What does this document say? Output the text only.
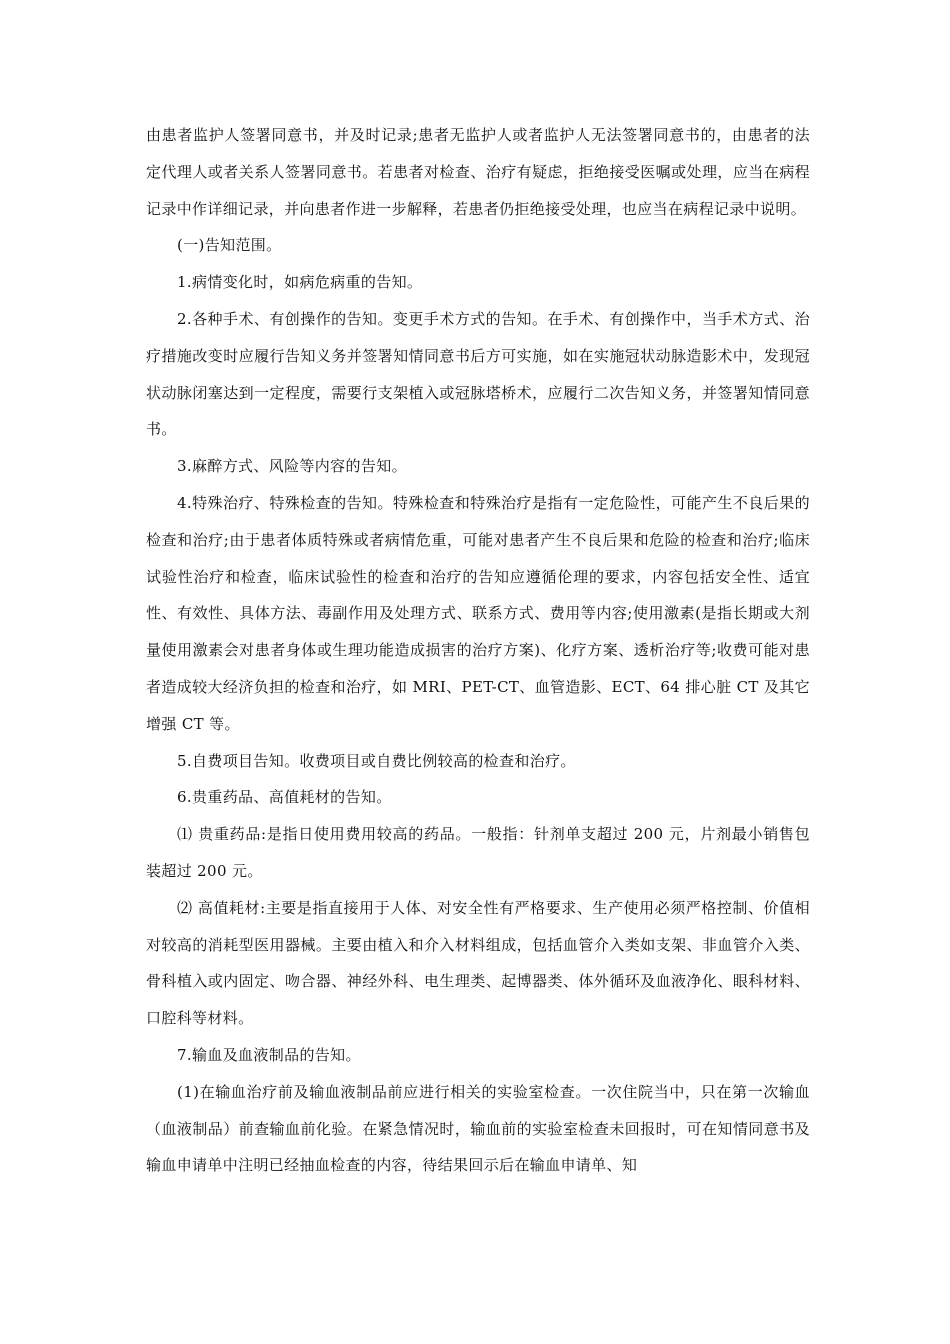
由患者监护人签署同意书，并及时记录;患者无监护人或者监护人无法签署同意书的，由患者的法定代理人或者关系人签署同意书。若患者对检查、治疗有疑虑，拒绝接受医嘱或处理，应当在病程记录中作详细记录，并向患者作进一步解释，若患者仍拒绝接受处理，也应当在病程记录中说明。

(一)告知范围。

1.病情变化时，如病危病重的告知。

2.各种手术、有创操作的告知。变更手术方式的告知。在手术、有创操作中，当手术方式、治疗措施改变时应履行告知义务并签署知情同意书后方可实施，如在实施冠状动脉造影术中，发现冠状动脉闭塞达到一定程度，需要行支架植入或冠脉塔桥术，应履行二次告知义务，并签署知情同意书。

3.麻醉方式、风险等内容的告知。

4.特殊治疗、特殊检查的告知。特殊检查和特殊治疗是指有一定危险性，可能产生不良后果的检查和治疗;由于患者体质特殊或者病情危重，可能对患者产生不良后果和危险的检查和治疗;临床试验性治疗和检查，临床试验性的检查和治疗的告知应遵循伦理的要求，内容包括安全性、适宜性、有效性、具体方法、毒副作用及处理方式、联系方式、费用等内容;使用激素(是指长期或大剂量使用激素会对患者身体或生理功能造成损害的治疗方案)、化疗方案、透析治疗等;收费可能对患者造成较大经济负担的检查和治疗，如 MRI、PET-CT、血管造影、ECT、64 排心脏 CT 及其它增强 CT 等。

5.自费项目告知。收费项目或自费比例较高的检查和治疗。

6.贵重药品、高值耗材的告知。

⑴ 贵重药品:是指日使用费用较高的药品。一般指：针剂单支超过 200 元，片剂最小销售包装超过 200 元。

⑵ 高值耗材:主要是指直接用于人体、对安全性有严格要求、生产使用必须严格控制、价值相对较高的消耗型医用器械。主要由植入和介入材料组成，包括血管介入类如支架、非血管介入类、骨科植入或内固定、吻合器、神经外科、电生理类、起博器类、体外循环及血液净化、眼科材料、口腔科等材料。

7.输血及血液制品的告知。

(1)在输血治疗前及输血液制品前应进行相关的实验室检查。一次住院当中，只在第一次输血（血液制品）前查输血前化验。在紧急情况时，输血前的实验室检查未回报时，可在知情同意书及输血申请单中注明已经抽血检查的内容，待结果回示后在输血申请单、知
